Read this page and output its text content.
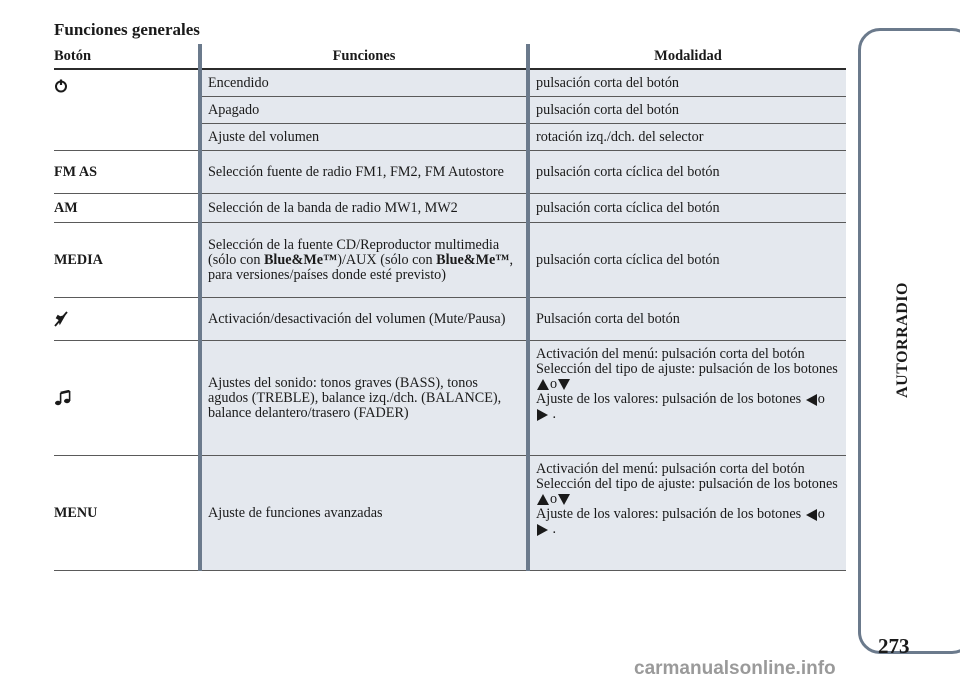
Funciones generales
Botón	Funciones	Modalidad

	Encendido	pulsación corta del botón
	Apagado	pulsación corta del botón
	Ajuste del volumen	rotación izq./dch. del selector
FM AS	Selección fuente de radio FM1, FM2, FM Autostore	pulsación corta cíclica del botón
AM	Selección de la banda de radio MW1, MW2	pulsación corta cíclica del botón
MEDIA	Selección de la fuente CD/Reproductor multimedia (sólo con Blue&Me™)/AUX (sólo con Blue&Me™, para versiones/países donde esté previsto)	pulsación corta cíclica del botón

	Activación/desactivación del volumen (Mute/Pausa)	Pulsación corta del botón

	Ajustes del sonido: tonos graves (BASS), tonos agudos (TREBLE), balance izq./dch. (BALANCE), balance delantero/trasero (FADER)	Activación del menú: pulsación corta del botón
Selección del tipo de ajuste: pulsación de los botones o
Ajuste de los valores: pulsación de los botones o  .

MENU	Ajuste de funciones avanzadas	Activación del menú: pulsación corta del botón
Selección del tipo de ajuste: pulsación de los botones o
Ajuste de los valores: pulsación de los botones o  .
AUTORRADIO
273
carmanualsonline.info
